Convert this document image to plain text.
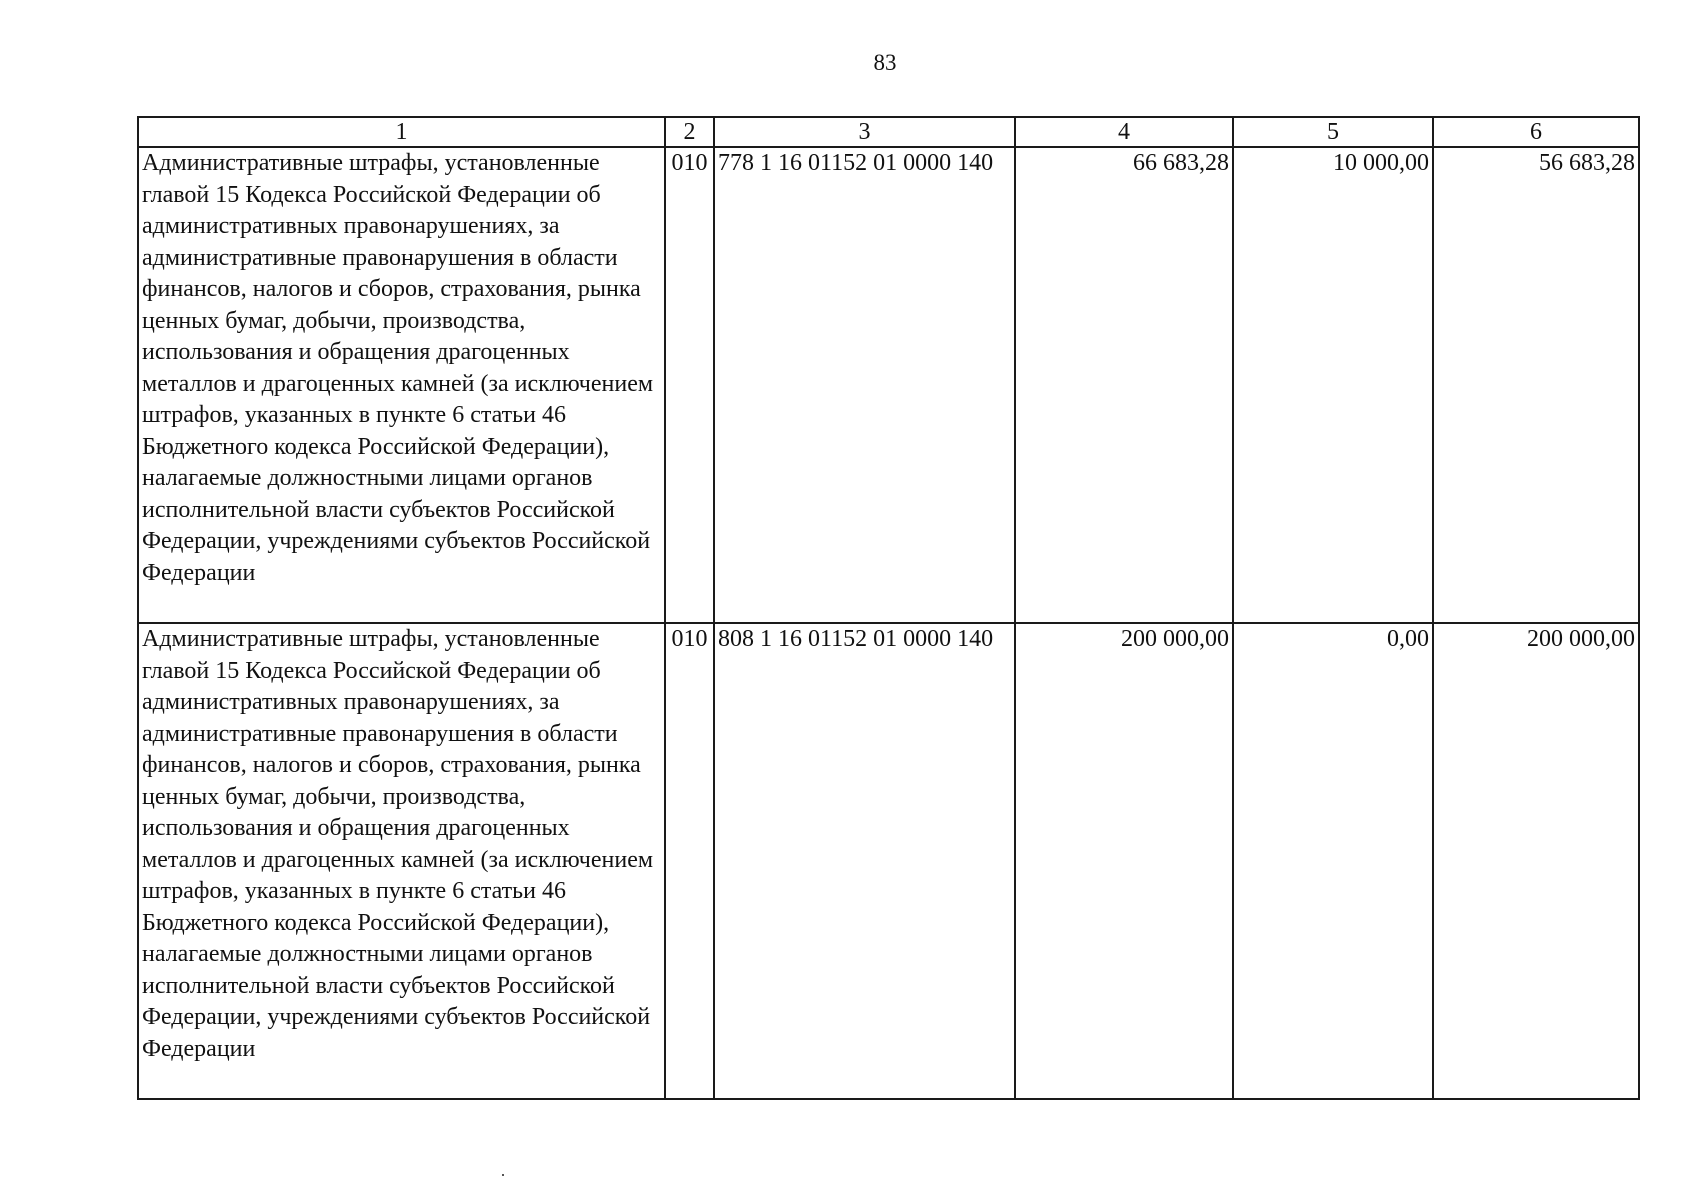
83
1	2	3	4	5	6
Административные штрафы, установленные главой 15 Кодекса Российской Федерации об административных правонарушениях, за административные правонарушения в области финансов, налогов и сборов, страхования, рынка ценных бумаг, добычи, производства, использования и обращения драгоценных металлов и драгоценных камней (за исключением штрафов, указанных в пункте 6 статьи 46 Бюджетного кодекса Российской Федерации), налагаемые должностными лицами органов исполнительной власти субъектов Российской Федерации, учреждениями субъектов Российской Федерации	010	778 1 16 01152 01 0000 140	66 683,28	10 000,00	56 683,28
Административные штрафы, установленные главой 15 Кодекса Российской Федерации об административных правонарушениях, за административные правонарушения в области финансов, налогов и сборов, страхования, рынка ценных бумаг, добычи, производства, использования и обращения драгоценных металлов и драгоценных камней (за исключением штрафов, указанных в пункте 6 статьи 46 Бюджетного кодекса Российской Федерации), налагаемые должностными лицами органов исполнительной власти субъектов Российской Федерации, учреждениями субъектов Российской Федерации	010	808 1 16 01152 01 0000 140	200 000,00	0,00	200 000,00
